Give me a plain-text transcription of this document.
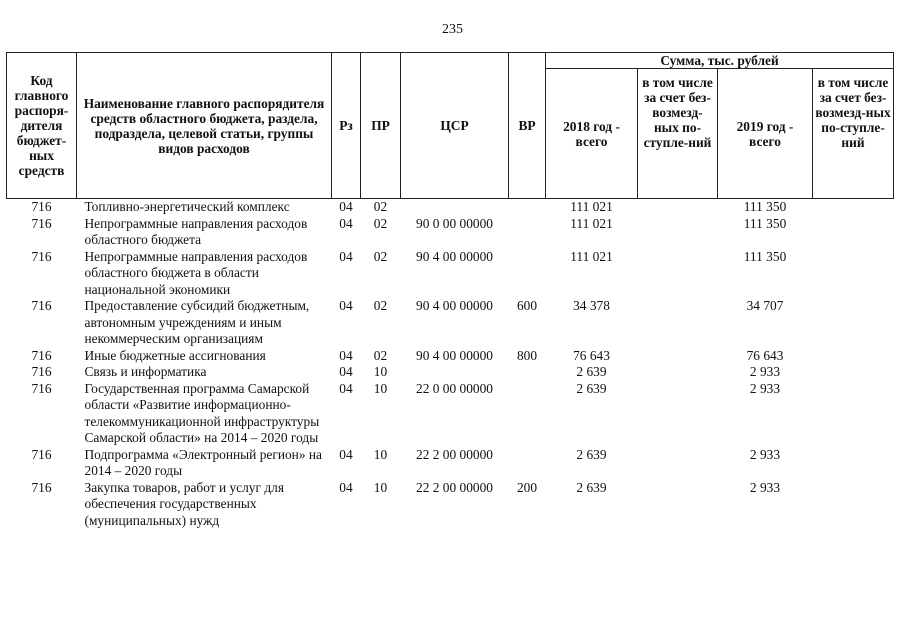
235
Код главного распоря-дителя бюджет-ных средств	Наименование главного распорядителя средств областного бюджета, раздела, подраздела, целевой статьи, группы видов расходов	Рз	ПР	ЦСР	ВР	Сумма, тыс. рублей			
						2018 год - всего	в том числе за счет без-возмезд-ных по-ступле-ний	2019 год - всего	в том числе за счет без-возмезд-ных по-ступле-ний
716	Топливно-энергетический комплекс	04	02			111 021		111 350	
716	Непрограммные направления расходов областного бюджета	04	02	90 0 00 00000		111 021		111 350	
716	Непрограммные направления расходов областного бюджета в области национальной экономики	04	02	90 4 00 00000		111 021		111 350	
716	Предоставление субсидий бюджетным, автономным учреждениям и иным некоммерческим организациям	04	02	90 4 00 00000	600	34 378		34 707	
716	Иные бюджетные ассигнования	04	02	90 4 00 00000	800	76 643		76 643	
716	Связь и информатика	04	10			2 639		2 933	
716	Государственная программа Самарской области «Развитие информационно-телекоммуникационной инфраструктуры Самарской области» на 2014 – 2020 годы	04	10	22 0 00 00000		2 639		2 933	
716	Подпрограмма «Электронный регион» на 2014 – 2020 годы	04	10	22 2 00 00000		2 639		2 933	
716	Закупка товаров, работ и услуг для обеспечения государственных (муниципальных) нужд	04	10	22 2 00 00000	200	2 639		2 933	
